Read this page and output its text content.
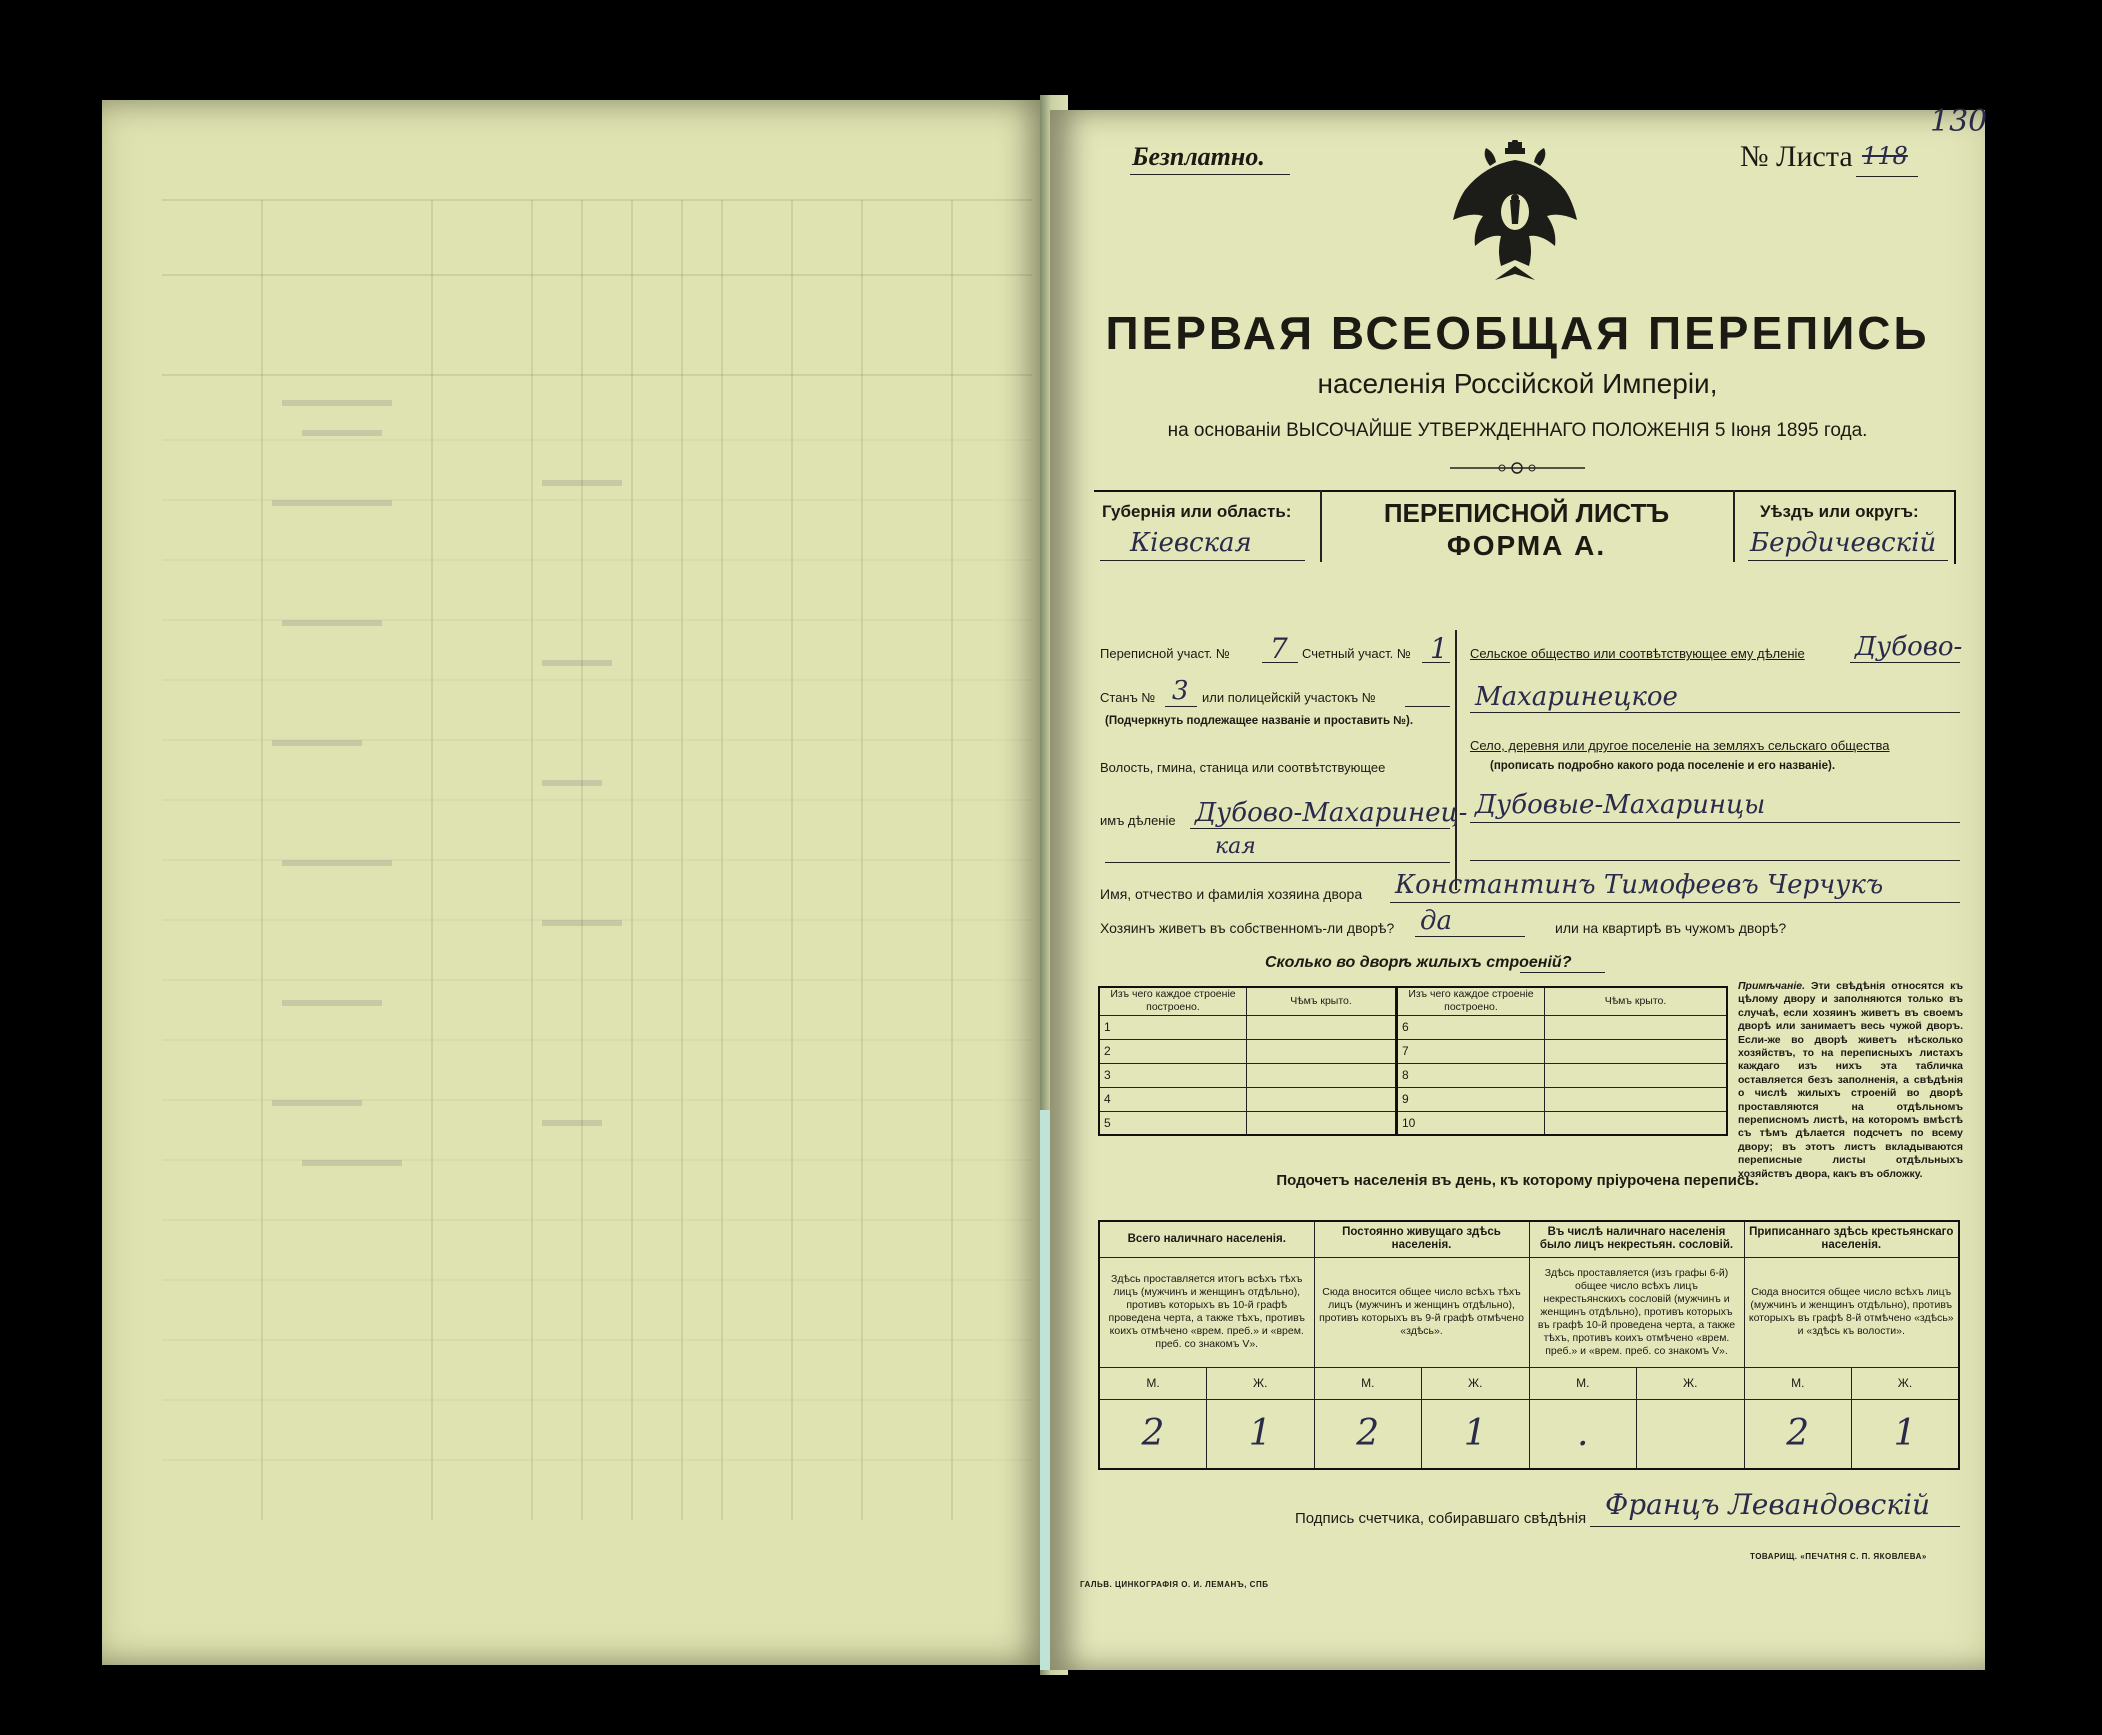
Безплатно.	№ Листа 118
130
ПЕРВАЯ ВСЕОБЩАЯ ПЕРЕПИСЬ
населенія Россійской Имперіи,
на основаніи ВЫСОЧАЙШЕ УТВЕРЖДЕННАГО ПОЛОЖЕНІЯ 5 Іюня 1895 года.
Губернія или область:
Кіевская
ПЕРЕПИСНОЙ ЛИСТЪ
ФОРМА А.
Уѣздъ или округъ:
Бердичевскій
Переписной участ. № 7 Счетный участ. № 1
Станъ № 3 или полицейскій участокъ №
(Подчеркнуть подлежащее названіе и проставить №).
Волость, гмина, станица или соотвѣтствующее
имъ дѣленіе Дубово-Махаринец-
кая
Сельское общество или соотвѣтствующее ему дѣленіе Дубово-
Махаринецкое
Село, деревня или другое поселеніе на земляхъ сельскаго общества
(прописать подробно какого рода поселеніе и его названіе).
Дубовые-Махаринцы
Имя, отчество и фамилія хозяина двора Константинъ Тимофеевъ Черчукъ
Хозяинъ живетъ въ собственномъ-ли дворѣ? да	или на квартирѣ въ чужомъ дворѣ?
Сколько во дворѣ жилыхъ строеній?
Изъ чего каждое строеніе построено.	Чѣмъ крыто.	Изъ чего каждое строеніе построено.	Чѣмъ крыто.
1		6	
2		7	
3		8	
4		9	
5		10	
Примѣчаніе. Эти свѣдѣнія относятся къ цѣлому двору и заполняются только въ случаѣ, если хозяинъ живетъ въ своемъ дворѣ или занимаетъ весь чужой дворъ. Если-же во дворѣ живетъ нѣсколько хозяйствъ, то на переписныхъ листахъ каждаго изъ нихъ эта табличка оставляется безъ заполненія, а свѣдѣнія о числѣ жилыхъ строеній во дворѣ проставляются на отдѣльномъ переписномъ листѣ, на которомъ вмѣстѣ съ тѣмъ дѣлается подсчетъ по всему двору; въ этотъ листъ вкладываются переписные листы отдѣльныхъ хозяйствъ двора, какъ въ обложку.
Подочетъ населенія въ день, къ которому пріурочена перепись.
Всего наличнаго населенія.		Постоянно живущаго здѣсь населенія.		Въ числѣ наличнаго населенія было лицъ некрестьян. сословій.		Приписаннаго здѣсь крестьянскаго населенія.	
Здѣсь проставляется итогъ всѣхъ тѣхъ лицъ (мужчинъ и женщинъ отдѣльно), противъ которыхъ въ 10-й графѣ проведена черта, а также тѣхъ, противъ коихъ отмѣчено «врем. преб.» и «врем. преб. со знакомъ V».		Сюда вносится общее число всѣхъ тѣхъ лицъ (мужчинъ и женщинъ отдѣльно), противъ которыхъ въ 9-й графѣ отмѣчено «здѣсь».		Здѣсь проставляется (изъ графы 6-й) общее число всѣхъ лицъ некрестьянскихъ сословій (мужчинъ и женщинъ отдѣльно), противъ которыхъ въ графѣ 10-й проведена черта, а также тѣхъ, противъ коихъ отмѣчено «врем. преб.» и «врем. преб. со знакомъ V».		Сюда вносится общее число всѣхъ лицъ (мужчинъ и женщинъ отдѣльно), противъ которыхъ въ графѣ 8-й отмѣчено «здѣсь» и «здѣсь къ волости».	
М.	Ж.	М.	Ж.	М.	Ж.	М.	Ж.
2	1	2	1	.		2	1
Подпись счетчика, собиравшаго свѣдѣнія Францъ Левандовскій
ГАЛЬВ. ЦИНКОГРАФІЯ О. И. ЛЕМАНЪ, СПБ
ТОВАРИЩ. «ПЕЧАТНЯ С. П. ЯКОВЛЕВА»
